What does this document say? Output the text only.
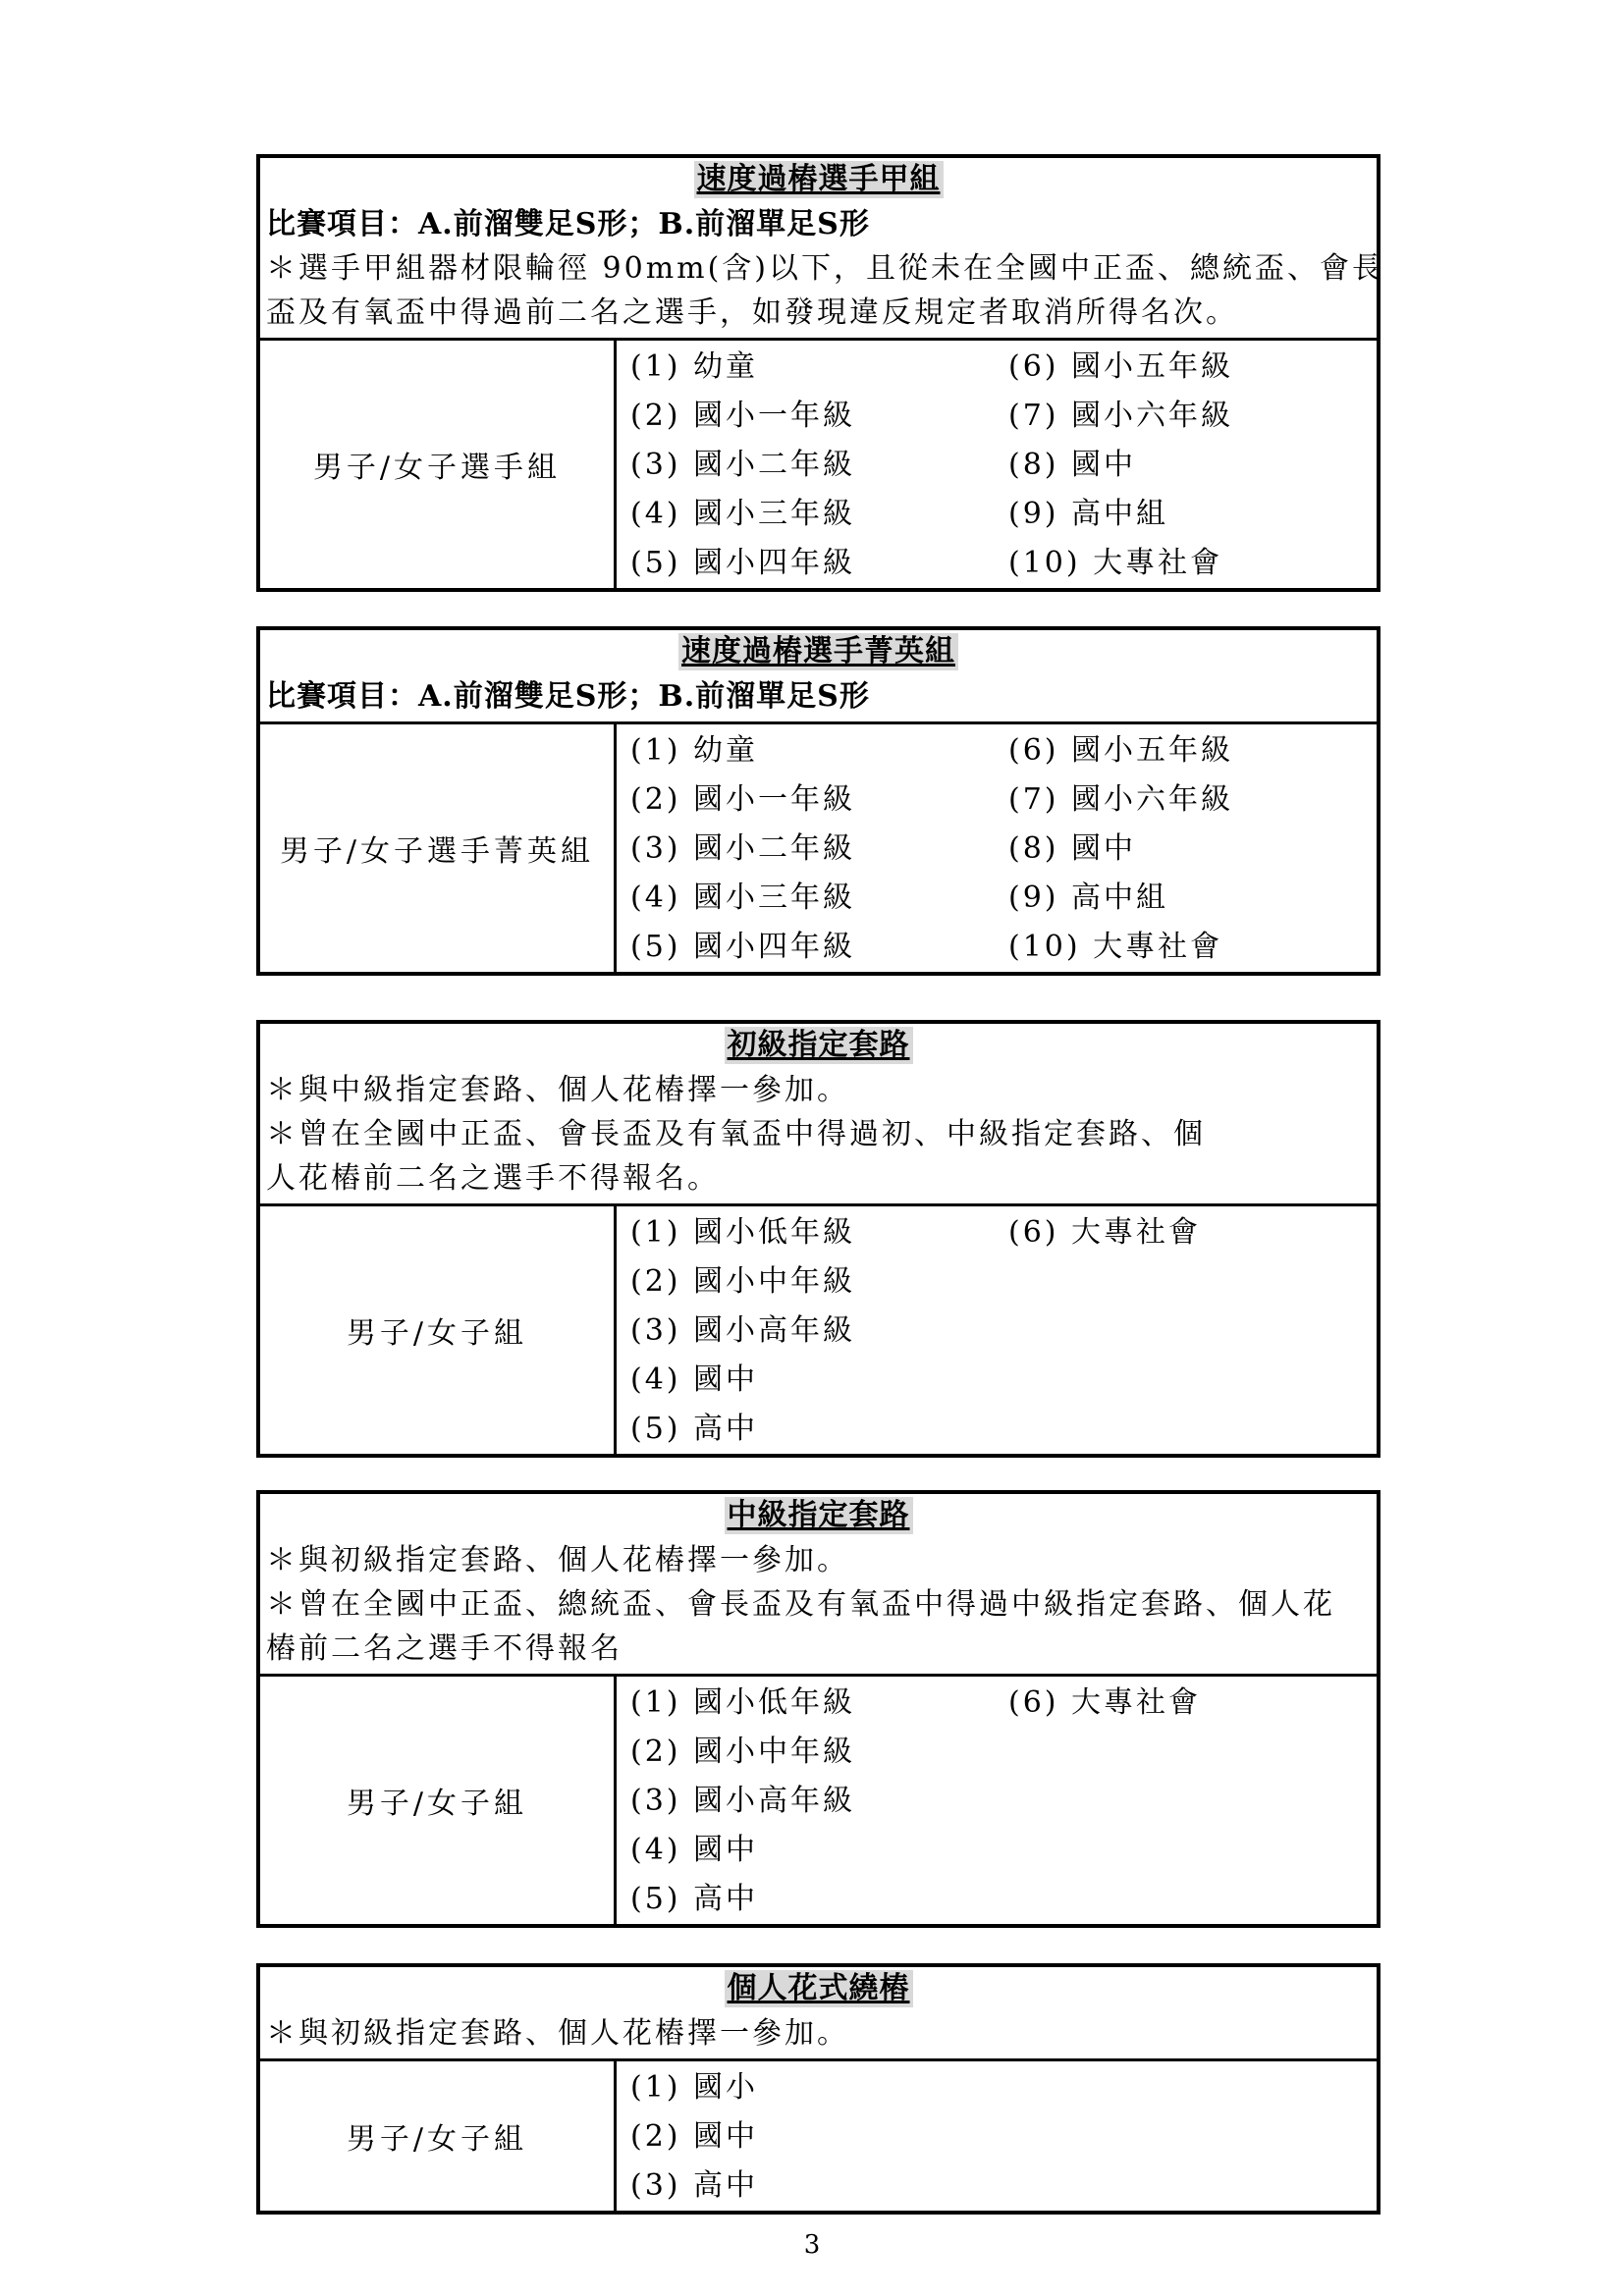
速度過樁選手甲組
比賽項目：A.前溜雙足S形；B.前溜單足S形
＊選手甲組器材限輪徑 90mm(含)以下，且從未在全國中正盃、總統盃、會長
盃及有氧盃中得過前二名之選手，如發現違反規定者取消所得名次。
男子/女子選手組
(1) 幼童	(6) 國小五年級
(2) 國小一年級	(7) 國小六年級
(3) 國小二年級	(8) 國中
(4) 國小三年級	(9) 高中組
(5) 國小四年級	(10) 大專社會
速度過樁選手菁英組
比賽項目：A.前溜雙足S形；B.前溜單足S形
男子/女子選手菁英組
(1) 幼童	(6) 國小五年級
(2) 國小一年級	(7) 國小六年級
(3) 國小二年級	(8) 國中
(4) 國小三年級	(9) 高中組
(5) 國小四年級	(10) 大專社會
初級指定套路
＊與中級指定套路、個人花樁擇一參加。
＊曾在全國中正盃、會長盃及有氧盃中得過初、中級指定套路、個
人花樁前二名之選手不得報名。
男子/女子組
(1) 國小低年級	(6) 大專社會
(2) 國小中年級
(3) 國小高年級
(4) 國中
(5) 高中
中級指定套路
＊與初級指定套路、個人花樁擇一參加。
＊曾在全國中正盃、總統盃、會長盃及有氧盃中得過中級指定套路、個人花
樁前二名之選手不得報名
男子/女子組
(1) 國小低年級	(6) 大專社會
(2) 國小中年級
(3) 國小高年級
(4) 國中
(5) 高中
個人花式繞樁
＊與初級指定套路、個人花樁擇一參加。
男子/女子組
(1) 國小
(2) 國中
(3) 高中
3
